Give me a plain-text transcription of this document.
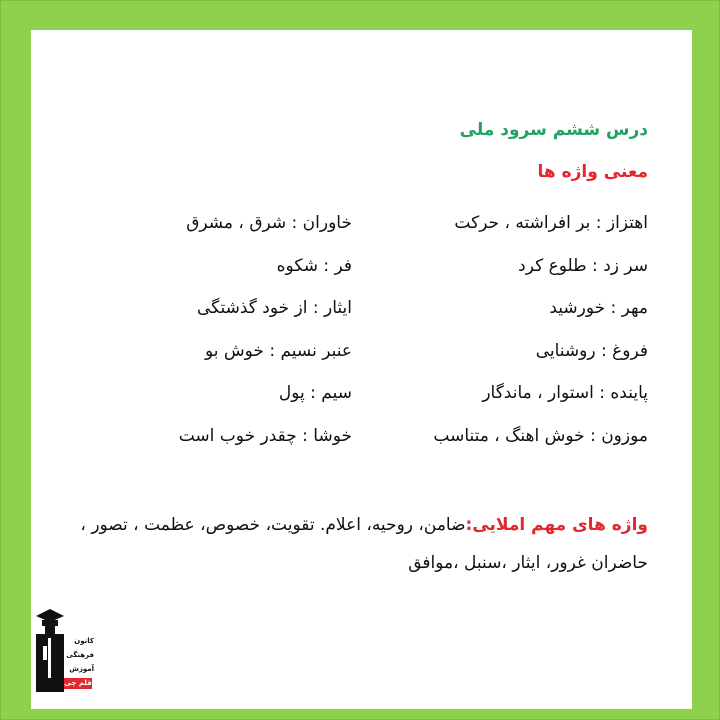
درس ششم سرود ملی
معنی واژه ها
اهتزاز : بر افراشته ، حرکت
سر زد : طلوع کرد
مهر : خورشید
فروغ : روشنایی
پاینده : استوار ، ماندگار
موزون : خوش اهنگ ، متناسب
خاوران : شرق ، مشرق
فر : شکوه
ایثار : از خود گذشتگی
عنبر نسیم : خوش بو
سیم : پول
خوشا : چقدر خوب است
واژه های مهم املایی:ضامن، روحیه، اعلام. تقویت، خصوص، عظمت ، تصور ،
حاضران غرور، ایثار ،سنبل ،موافق
کانون
فرهنگی
آموزش
قلم چی
